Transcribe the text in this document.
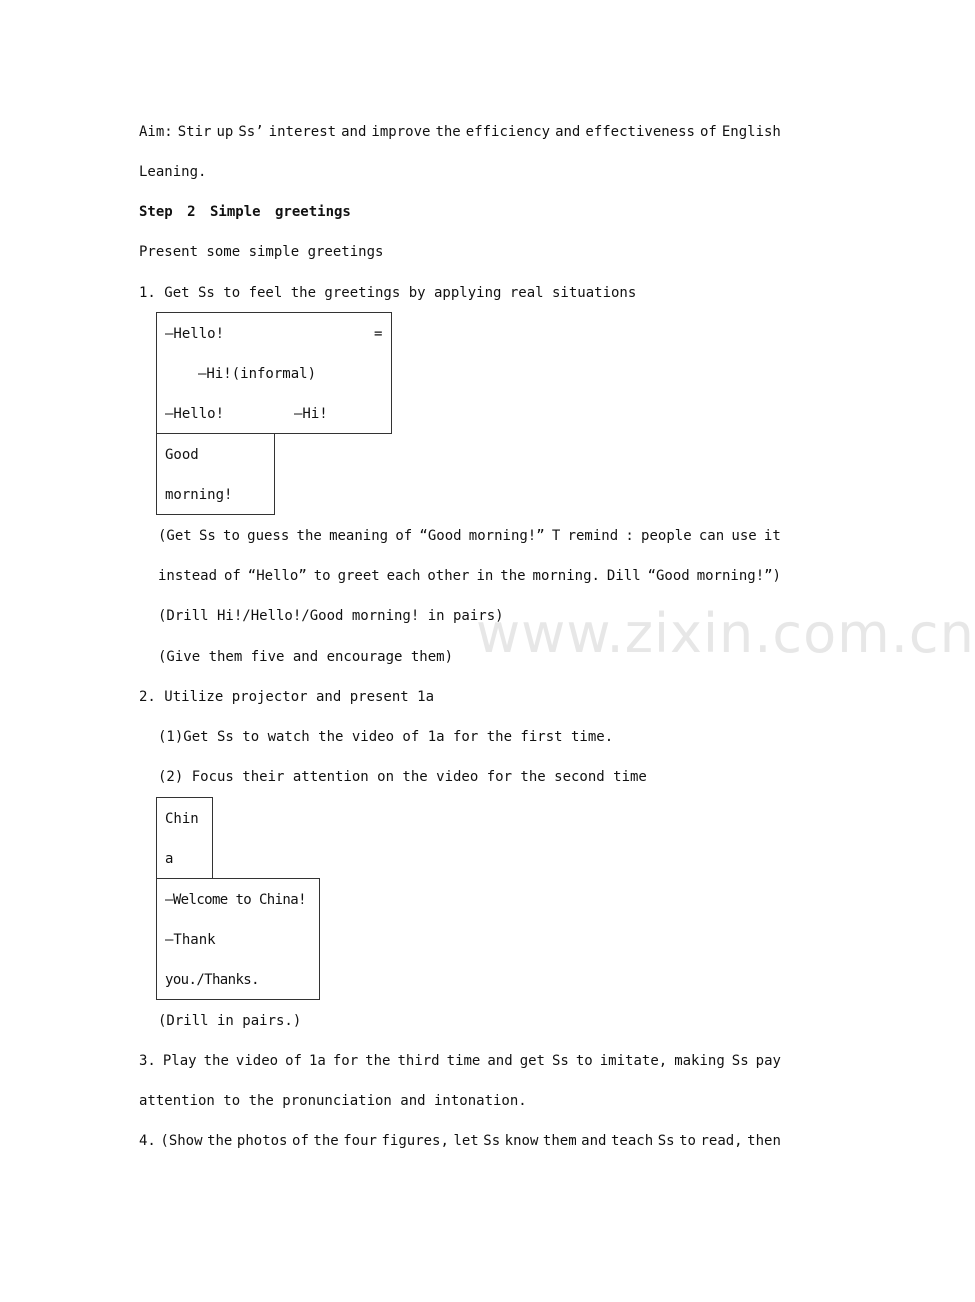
Aim: Stir up Ss’ interest and improve the efficiency and effectiveness of English
Leaning.
Step 2 Simple greetings
Present some simple greetings
1. Get Ss to feel the greetings by applying real situations
—Hello!	=
—Hi!(informal)
—Hello!	—Hi!
Good
morning!
(Get Ss to guess the meaning of “Good morning!” T remind : people can use it
instead of “Hello” to greet each other in the morning. Dill “Good morning!”)
(Drill Hi!/Hello!/Good morning! in pairs)
(Give them five and encourage them)
2. Utilize projector and present 1a
(1)Get Ss to watch the video of 1a for the first time.
(2) Focus their attention on the video for the second time
Chin
a
—Welcome to China!
—Thank
you./Thanks.
(Drill in pairs.)
3. Play the video of 1a for the third time and get Ss to imitate, making Ss pay
attention to the pronunciation and intonation.
4. (Show the photos of the four figures, let Ss know them and teach Ss to read, then
www.zixin.com.cn
